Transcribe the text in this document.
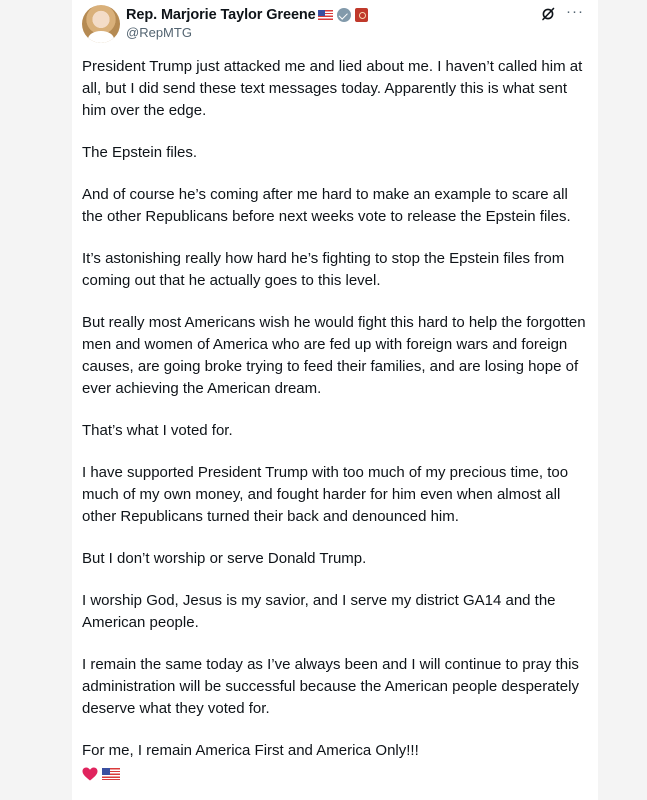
Rep. Marjorie Taylor Greene
@RepMTG
···

President Trump just attacked me and lied about me. I haven’t called him at all, but I did send these text messages today. Apparently this is what sent him over the edge.

The Epstein files.

And of course he’s coming after me hard to make an example to scare all the other Republicans before next weeks vote to release the Epstein files.

It’s astonishing really how hard he’s fighting to stop the Epstein files from coming out that he actually goes to this level.

But really most Americans wish he would fight this hard to help the forgotten men and women of America who are fed up with foreign wars and foreign causes, are going broke trying to feed their families, and are losing hope of ever achieving the American dream.

That’s what I voted for.

I have supported President Trump with too much of my precious time, too much of my own money, and fought harder for him even when almost all other Republicans turned their back and denounced him.

But I don’t worship or serve Donald Trump.

I worship God, Jesus is my savior, and I serve my district GA14 and the American people.

I remain the same today as I’ve always been and I will continue to pray this administration will be successful because the American people desperately deserve what they voted for.

For me, I remain America First and America Only!!!
